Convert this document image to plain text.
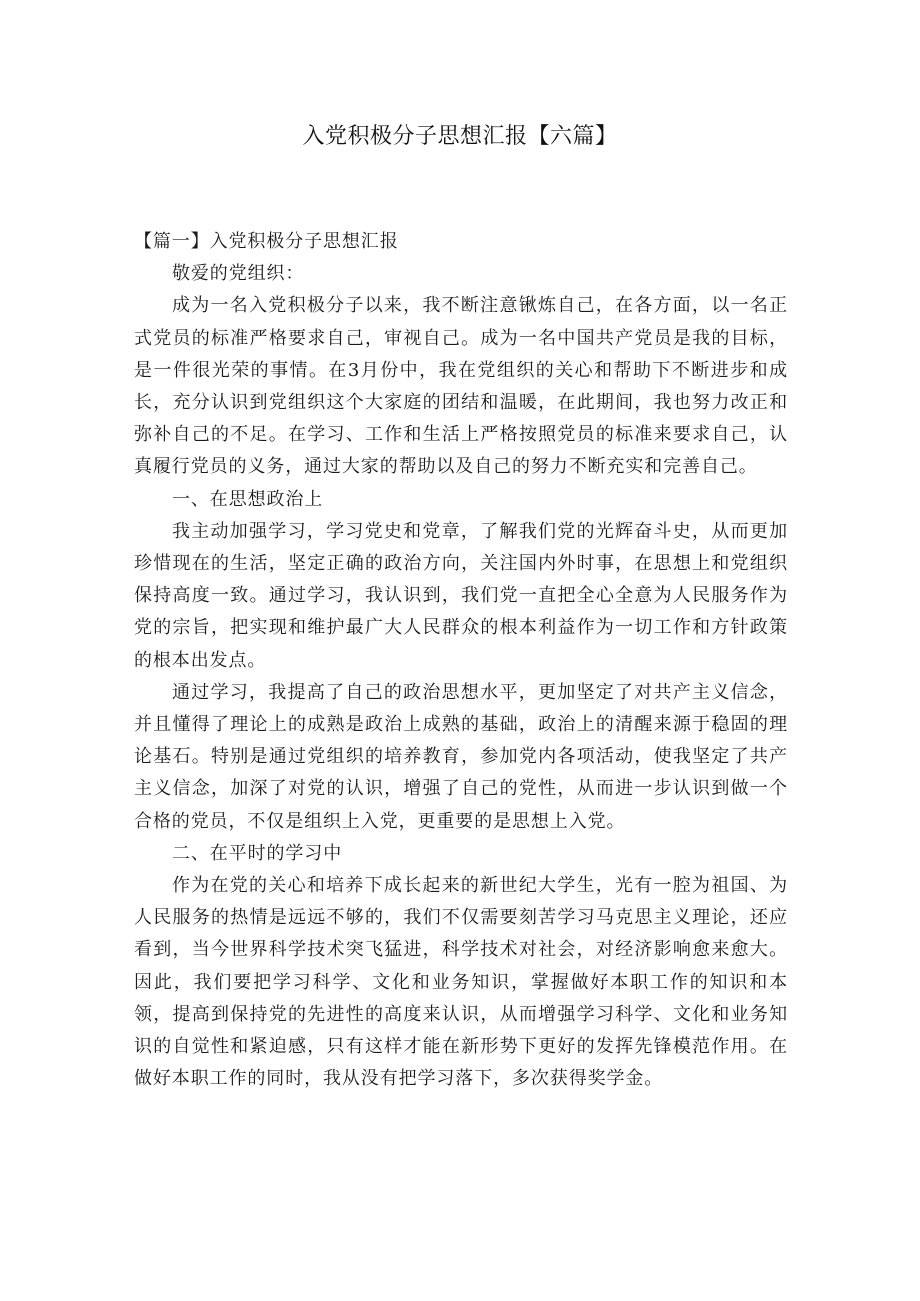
入党积极分子思想汇报【六篇】

【篇一】入党积极分子思想汇报

敬爱的党组织：

成为一名入党积极分子以来，我不断注意锹炼自己，在各方面，以一名正式党员的标准严格要求自己，审视自己。成为一名中国共产党员是我的目标，是一件很光荣的事情。在3月份中，我在党组织的关心和帮助下不断进步和成长，充分认识到党组织这个大家庭的团结和温暖，在此期间，我也努力改正和弥补自己的不足。在学习、工作和生活上严格按照党员的标准来要求自己，认真履行党员的义务，通过大家的帮助以及自己的努力不断充实和完善自己。

一、在思想政治上

我主动加强学习，学习党史和党章，了解我们党的光辉奋斗史，从而更加珍惜现在的生活，坚定正确的政治方向，关注国内外时事，在思想上和党组织保持高度一致。通过学习，我认识到，我们党一直把全心全意为人民服务作为党的宗旨，把实现和维护最广大人民群众的根本利益作为一切工作和方针政策的根本出发点。

通过学习，我提高了自己的政治思想水平，更加坚定了对共产主义信念，并且懂得了理论上的成熟是政治上成熟的基础，政治上的清醒来源于稳固的理论基石。特别是通过党组织的培养教育，参加党内各项活动，使我坚定了共产主义信念，加深了对党的认识，增强了自己的党性，从而进一步认识到做一个合格的党员，不仅是组织上入党，更重要的是思想上入党。

二、在平时的学习中

作为在党的关心和培养下成长起来的新世纪大学生，光有一腔为祖国、为人民服务的热情是远远不够的，我们不仅需要刻苦学习马克思主义理论，还应看到，当今世界科学技术突飞猛进，科学技术对社会，对经济影响愈来愈大。因此，我们要把学习科学、文化和业务知识，掌握做好本职工作的知识和本领，提高到保持党的先进性的高度来认识，从而增强学习科学、文化和业务知识的自觉性和紧迫感，只有这样才能在新形势下更好的发挥先锋模范作用。在做好本职工作的同时，我从没有把学习落下，多次获得奖学金。
